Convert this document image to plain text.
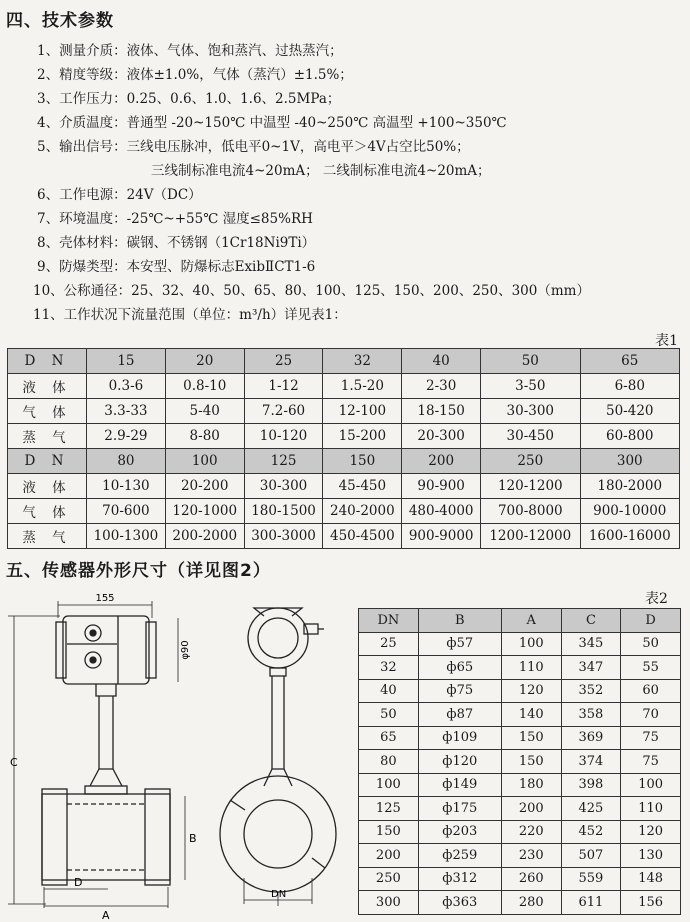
四、技术参数
1、测量介质：液体、气体、饱和蒸汽、过热蒸汽；
2、精度等级：液体±1.0%，气体（蒸汽）±1.5%；
3、工作压力：0.25、0.6、1.0、1.6、2.5MPa；
4、介质温度：普通型 -20~150℃ 中温型 -40~250℃ 高温型 +100~350℃
5、输出信号：三线电压脉冲，低电平0~1V，高电平＞4V占空比50%；
三线制标准电流4~20mA； 二线制标准电流4~20mA；
6、工作电源：24V（DC）
7、环境温度：-25℃~+55℃ 湿度≤85%RH
8、壳体材料：碳钢、不锈钢（1Cr18Ni9Ti）
9、防爆类型：本安型、防爆标志ExibⅡCT1-6
10、公称通径：25、32、40、50、65、80、100、125、150、200、250、300（mm）
11、工作状况下流量范围（单位：m³/h）详见表1：
表1
D N	15	20	25	32	40	50	65
液 体	0.3-6	0.8-10	1-12	1.5-20	2-30	3-50	6-80
气 体	3.3-33	5-40	7.2-60	12-100	18-150	30-300	50-420
蒸 气	2.9-29	8-80	10-120	15-200	20-300	30-450	60-800
D N	80	100	125	150	200	250	300
液 体	10-130	20-200	30-300	45-450	90-900	120-1200	180-2000
气 体	70-600	120-1000	180-1500	240-2000	480-4000	700-8000	900-10000
蒸 气	100-1300	200-2000	300-3000	450-4500	900-9000	1200-12000	1600-16000
五、传感器外形尺寸（详见图2）
155
φ90
C
B
D
A
DN
表2
DN	B	A	C	D
25	ф57	100	345	50
32	ф65	110	347	55
40	ф75	120	352	60
50	ф87	140	358	70
65	ф109	150	369	75
80	ф120	150	374	75
100	ф149	180	398	100
125	ф175	200	425	110
150	ф203	220	452	120
200	ф259	230	507	130
250	ф312	260	559	148
300	ф363	280	611	156
